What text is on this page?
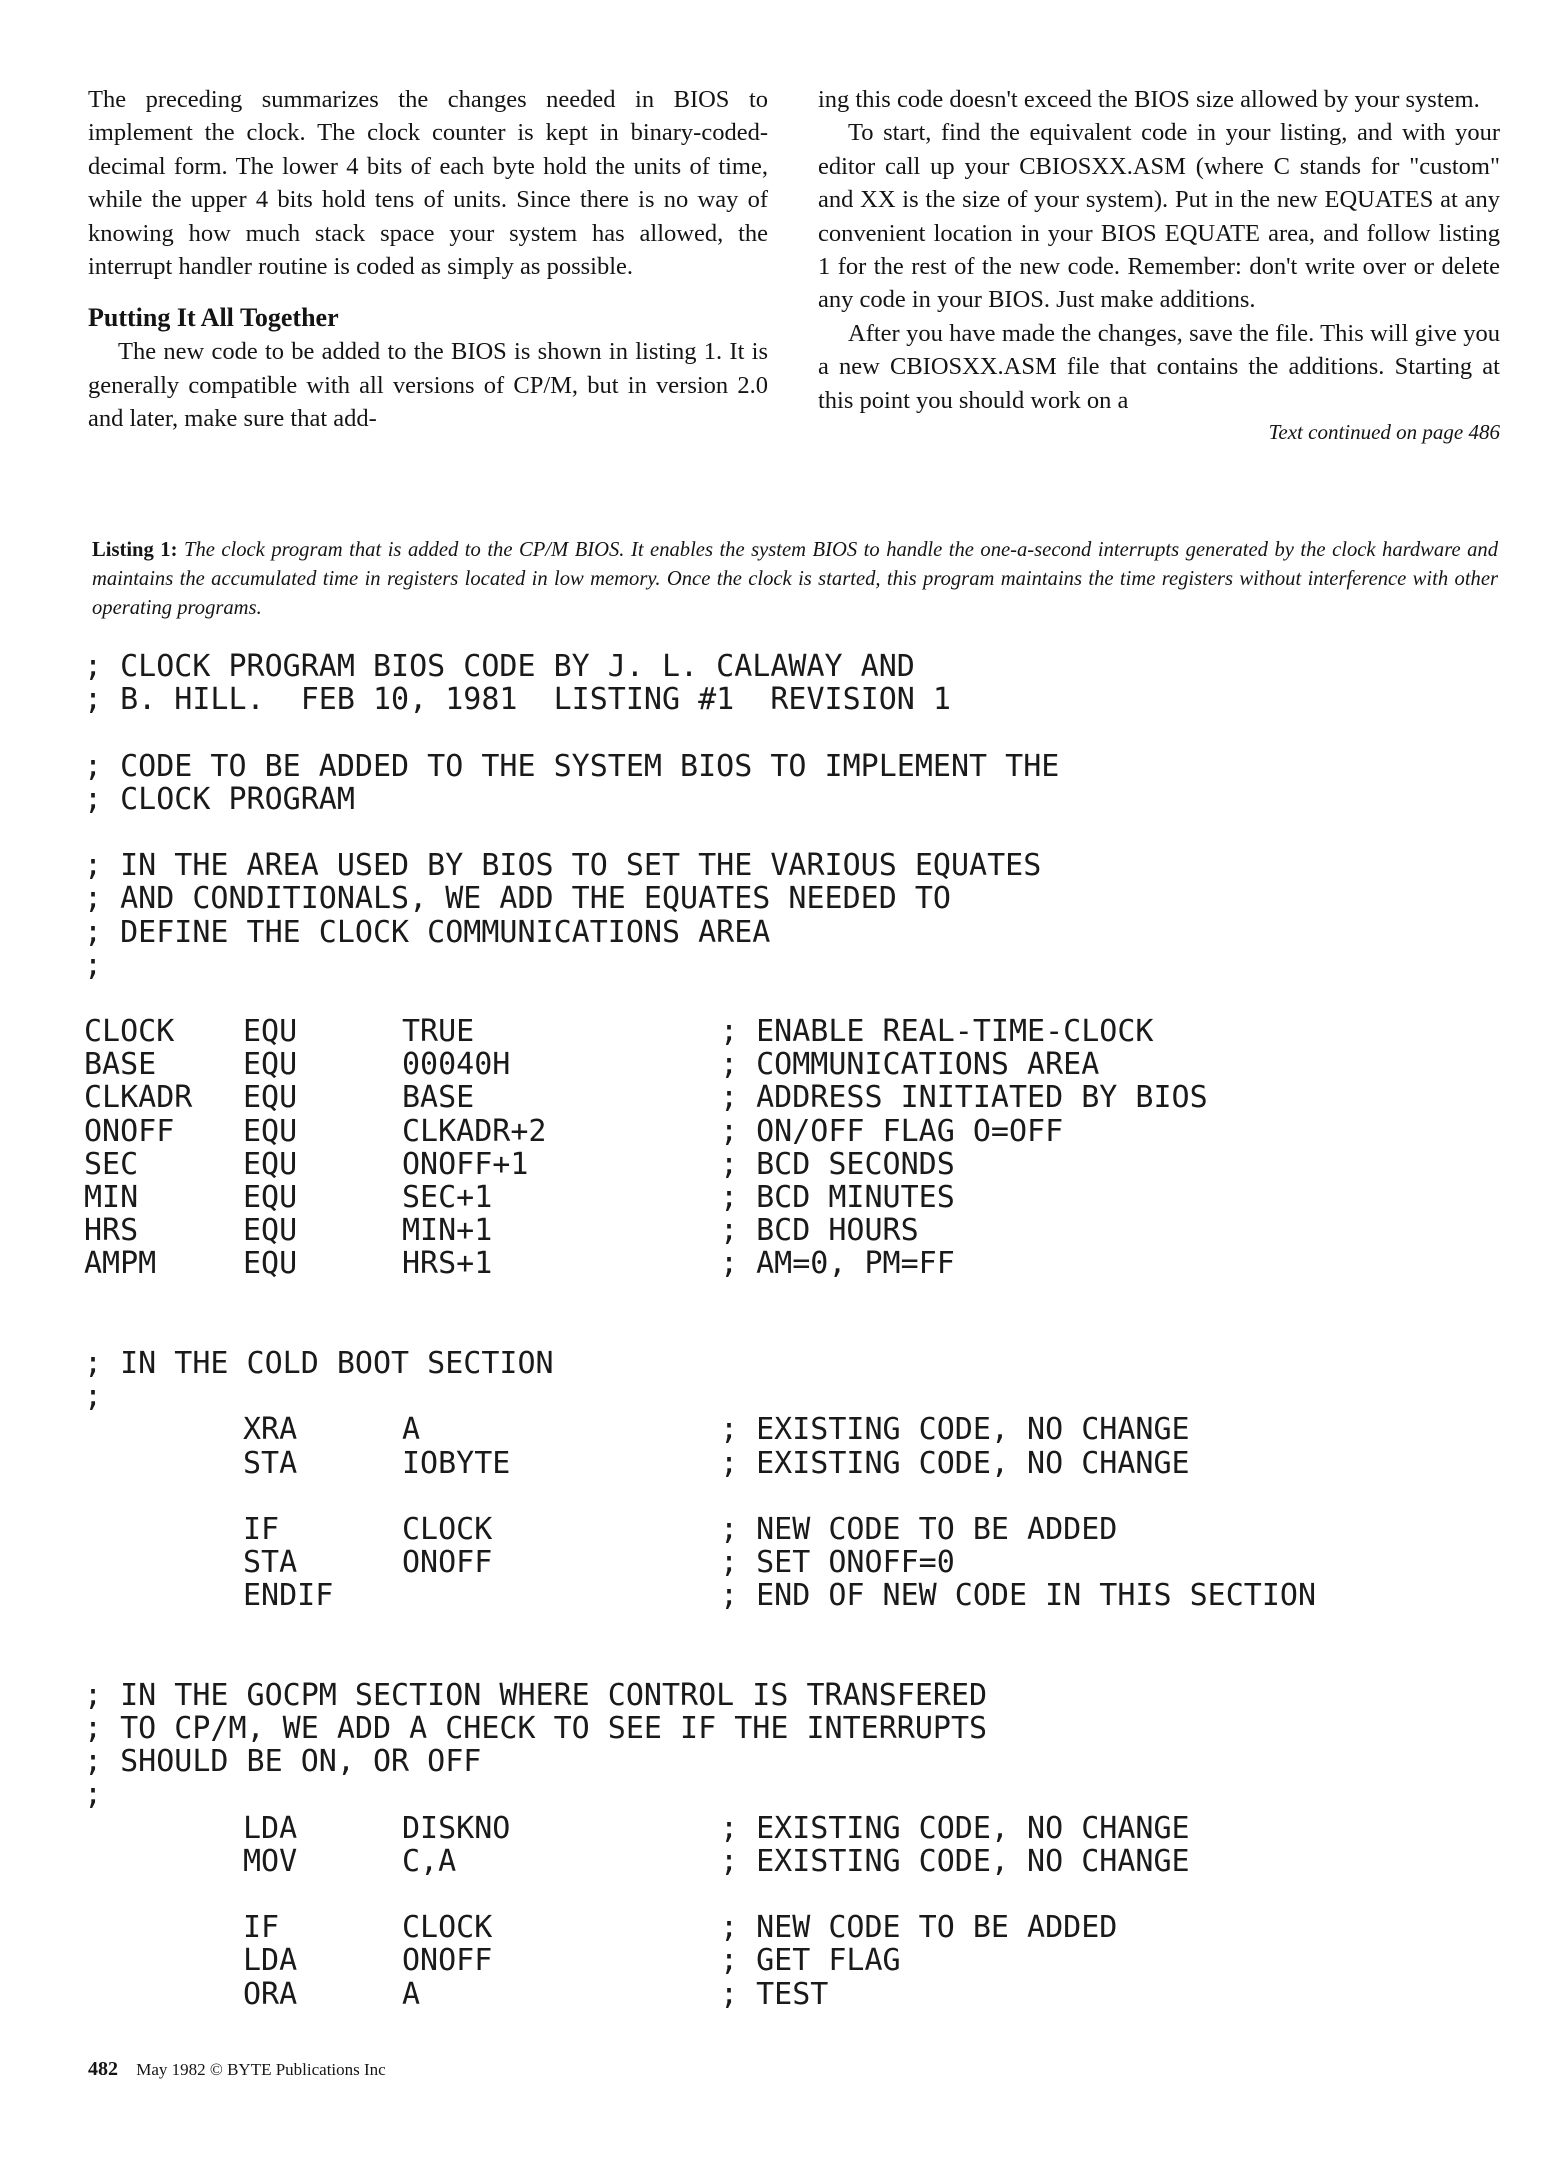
The preceding summarizes the changes needed in BIOS to implement the clock. The clock counter is kept in binary-coded-decimal form. The lower 4 bits of each byte hold the units of time, while the upper 4 bits hold tens of units. Since there is no way of knowing how much stack space your system has allowed, the interrupt handler routine is coded as simply as possible.

Putting It All Together

The new code to be added to the BIOS is shown in listing 1. It is generally compatible with all versions of CP/M, but in version 2.0 and later, make sure that add-

ing this code doesn't exceed the BIOS size allowed by your system.

To start, find the equivalent code in your listing, and with your editor call up your CBIOSXX.ASM (where C stands for "custom" and XX is the size of your system). Put in the new EQUATES at any convenient location in your BIOS EQUATE area, and follow listing 1 for the rest of the new code. Remember: don't write over or delete any code in your BIOS. Just make additions.

After you have made the changes, save the file. This will give you a new CBIOSXX.ASM file that contains the additions. Starting at this point you should work on a

Text continued on page 486
Listing 1: The clock program that is added to the CP/M BIOS. It enables the system BIOS to handle the one-a-second interrupts generated by the clock hardware and maintains the accumulated time in registers located in low memory. Once the clock is started, this program maintains the time registers without interference with other operating programs.
; CLOCK PROGRAM BIOS CODE BY J. L. CALAWAY AND
; B. HILL.  FEB 10, 1981  LISTING #1  REVISION 1
; CODE TO BE ADDED TO THE SYSTEM BIOS TO IMPLEMENT THE
; CLOCK PROGRAM
; IN THE AREA USED BY BIOS TO SET THE VARIOUS EQUATES
; AND CONDITIONALS, WE ADD THE EQUATES NEEDED TO
; DEFINE THE CLOCK COMMUNICATIONS AREA
;
CLOCK EQU	TRUE	; ENABLE REAL-TIME-CLOCK
BASE	EQU	00040H	; COMMUNICATIONS AREA
CLKADR EQU	BASE	; ADDRESS INITIATED BY BIOS
ONOFF EQU	CLKADR+2	; ON/OFF FLAG O=OFF
SEC	EQU	ONOFF+1	; BCD SECONDS
MIN	EQU	SEC+1	; BCD MINUTES
HRS	EQU	MIN+1	; BCD HOURS
AMPM	EQU	HRS+1	; AM=0, PM=FF
; IN THE COLD BOOT SECTION
;
XRA	A	; EXISTING CODE, NO CHANGE
STA	IOBYTE	; EXISTING CODE, NO CHANGE
IF	CLOCK	; NEW CODE TO BE ADDED
STA	ONOFF	; SET ONOFF=0
ENDIF	; END OF NEW CODE IN THIS SECTION
; IN THE GOCPM SECTION WHERE CONTROL IS TRANSFERED
; TO CP/M, WE ADD A CHECK TO SEE IF THE INTERRUPTS
; SHOULD BE ON, OR OFF
;
LDA	DISKNO	; EXISTING CODE, NO CHANGE
MOV	C,A	; EXISTING CODE, NO CHANGE
IF	CLOCK	; NEW CODE TO BE ADDED
LDA	ONOFF	; GET FLAG
ORA	A	; TEST
482 May 1982 © BYTE Publications Inc
